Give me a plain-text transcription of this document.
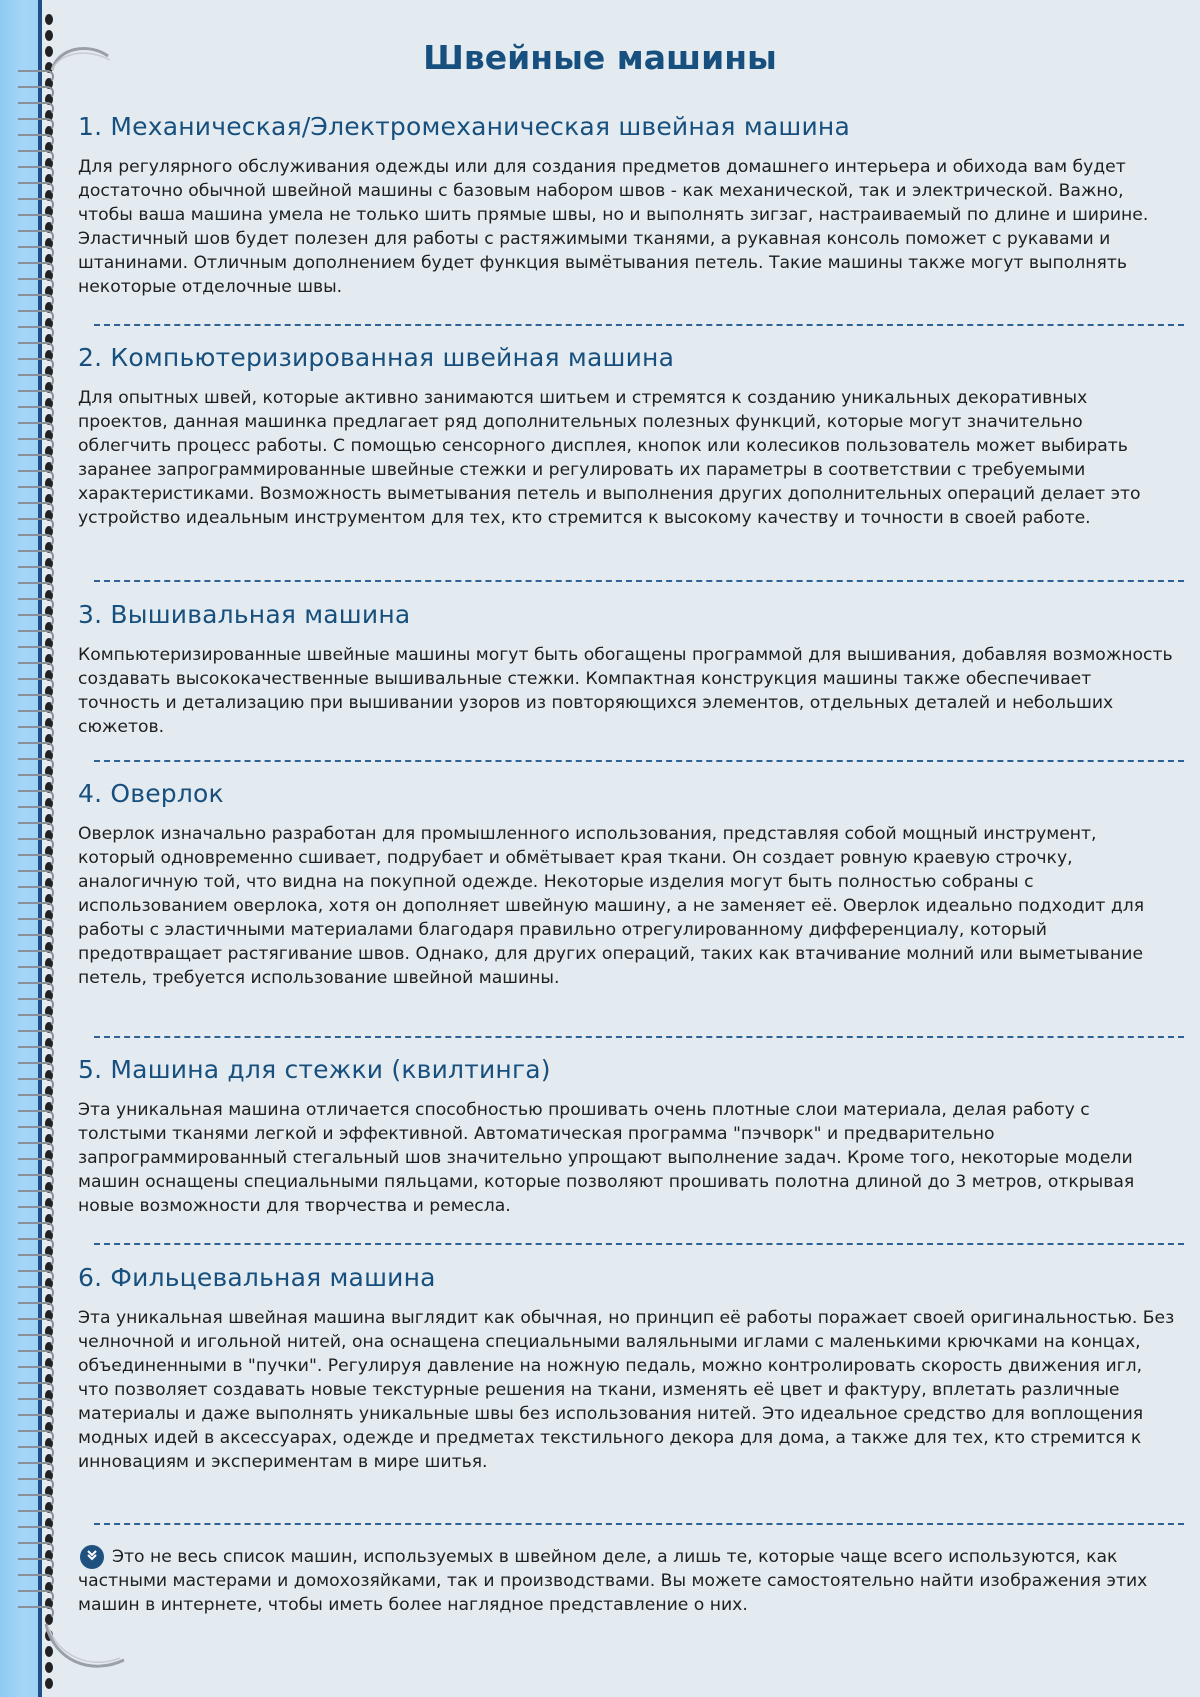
Швейные машины
1. Механическая/Электромеханическая швейная машина

Для регулярного обслуживания одежды или для создания предметов домашнего интерьера и обихода вам будет достаточно обычной швейной машины с базовым набором швов - как механической, так и электрической. Важно, чтобы ваша машина умела не только шить прямые швы, но и выполнять зигзаг, настраиваемый по длине и ширине. Эластичный шов будет полезен для работы с растяжимыми тканями, а рукавная консоль поможет с рукавами и штанинами. Отличным дополнением будет функция вымётывания петель. Такие машины также могут выполнять некоторые отделочные швы.

2. Компьютеризированная швейная машина

Для опытных швей, которые активно занимаются шитьем и стремятся к созданию уникальных декоративных проектов, данная машинка предлагает ряд дополнительных полезных функций, которые могут значительно облегчить процесс работы. С помощью сенсорного дисплея, кнопок или колесиков пользователь может выбирать заранее запрограммированные швейные стежки и регулировать их параметры в соответствии с требуемыми характеристиками. Возможность выметывания петель и выполнения других дополнительных операций делает это устройство идеальным инструментом для тех, кто стремится к высокому качеству и точности в своей работе.

3. Вышивальная машина

Компьютеризированные швейные машины могут быть обогащены программой для вышивания, добавляя возможность создавать высококачественные вышивальные стежки. Компактная конструкция машины также обеспечивает точность и детализацию при вышивании узоров из повторяющихся элементов, отдельных деталей и небольших сюжетов.

4. Оверлок

Оверлок изначально разработан для промышленного использования, представляя собой мощный инструмент, который одновременно сшивает, подрубает и обмётывает края ткани. Он создает ровную краевую строчку, аналогичную той, что видна на покупной одежде. Некоторые изделия могут быть полностью собраны с использованием оверлока, хотя он дополняет швейную машину, а не заменяет её. Оверлок идеально подходит для работы с эластичными материалами благодаря правильно отрегулированному дифференциалу, который предотвращает растягивание швов. Однако, для других операций, таких как втачивание молний или выметывание петель, требуется использование швейной машины.

5. Машина для стежки (квилтинга)

Эта уникальная машина отличается способностью прошивать очень плотные слои материала, делая работу с толстыми тканями легкой и эффективной. Автоматическая программа "пэчворк" и предварительно запрограммированный стегальный шов значительно упрощают выполнение задач. Кроме того, некоторые модели машин оснащены специальными пяльцами, которые позволяют прошивать полотна длиной до 3 метров, открывая новые возможности для творчества и ремесла.

6. Фильцевальная машина

Эта уникальная швейная машина выглядит как обычная, но принцип её работы поражает своей оригинальностью. Без челночной и игольной нитей, она оснащена специальными валяльными иглами с маленькими крючками на концах, объединенными в "пучки". Регулируя давление на ножную педаль, можно контролировать скорость движения игл, что позволяет создавать новые текстурные решения на ткани, изменять её цвет и фактуру, вплетать различные материалы и даже выполнять уникальные швы без использования нитей. Это идеальное средство для воплощения модных идей в аксессуарах, одежде и предметах текстильного декора для дома, а также для тех, кто стремится к инновациям и экспериментам в мире шитья.

Это не весь список машин, используемых в швейном деле, а лишь те, которые чаще всего используются, как частными мастерами и домохозяйками, так и производствами. Вы можете самостоятельно найти изображения этих машин в интернете, чтобы иметь более наглядное представление о них.
